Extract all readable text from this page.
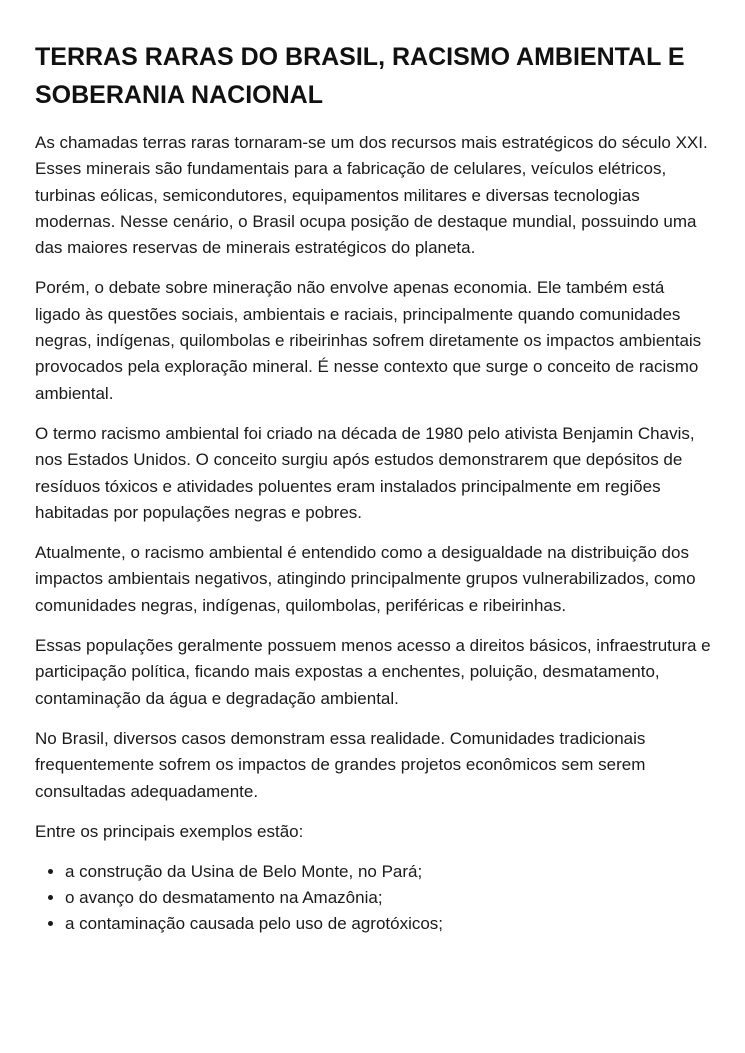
TERRAS RARAS DO BRASIL, RACISMO AMBIENTAL E SOBERANIA NACIONAL

As chamadas terras raras tornaram-se um dos recursos mais estratégicos do século XXI. Esses minerais são fundamentais para a fabricação de celulares, veículos elétricos, turbinas eólicas, semicondutores, equipamentos militares e diversas tecnologias modernas. Nesse cenário, o Brasil ocupa posição de destaque mundial, possuindo uma das maiores reservas de minerais estratégicos do planeta.

Porém, o debate sobre mineração não envolve apenas economia. Ele também está ligado às questões sociais, ambientais e raciais, principalmente quando comunidades negras, indígenas, quilombolas e ribeirinhas sofrem diretamente os impactos ambientais provocados pela exploração mineral. É nesse contexto que surge o conceito de racismo ambiental.

O termo racismo ambiental foi criado na década de 1980 pelo ativista Benjamin Chavis, nos Estados Unidos. O conceito surgiu após estudos demonstrarem que depósitos de resíduos tóxicos e atividades poluentes eram instalados principalmente em regiões habitadas por populações negras e pobres.

Atualmente, o racismo ambiental é entendido como a desigualdade na distribuição dos impactos ambientais negativos, atingindo principalmente grupos vulnerabilizados, como comunidades negras, indígenas, quilombolas, periféricas e ribeirinhas.

Essas populações geralmente possuem menos acesso a direitos básicos, infraestrutura e participação política, ficando mais expostas a enchentes, poluição, desmatamento, contaminação da água e degradação ambiental.

No Brasil, diversos casos demonstram essa realidade. Comunidades tradicionais frequentemente sofrem os impactos de grandes projetos econômicos sem serem consultadas adequadamente.

Entre os principais exemplos estão:

• a construção da Usina de Belo Monte, no Pará;
• o avanço do desmatamento na Amazônia;
• a contaminação causada pelo uso de agrotóxicos;
